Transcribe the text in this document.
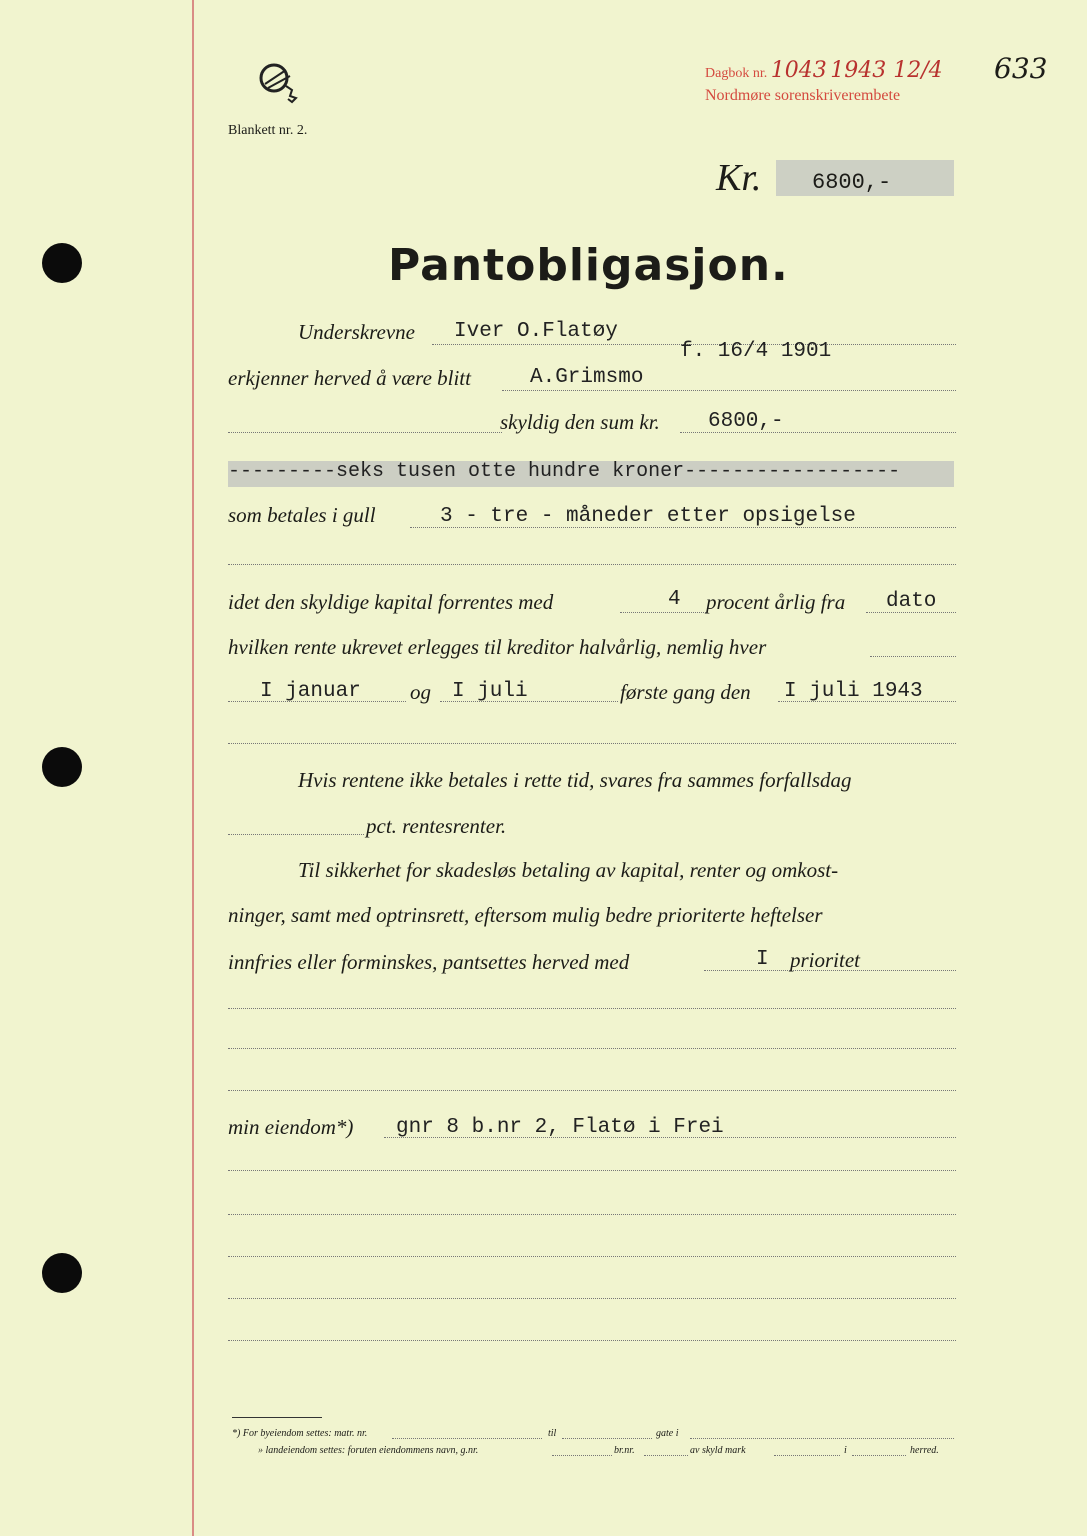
Blankett nr. 2.
Dagbok nr. 1043 1943 12/4
Nordmøre sorenskriverembete
633
Kr. 6800,-
Pantobligasjon.
Underskrevne Iver O.Flatøy
f. 16/4 1901
erkjenner herved å være blitt	A.Grimsmo
skyldig den sum kr. 6800,-
---------seks tusen otte hundre kroner------------------
som betales i gull	3 - tre - måneder etter opsigelse
idet den skyldige kapital forrentes med	4 procent årlig fra dato
hvilken rente ukrevet erlegges til kreditor halvårlig, nemlig hver
I januar og I juli	første gang den I juli 1943
Hvis rentene ikke betales i rette tid, svares fra sammes forfallsdag
pct. rentesrenter.
Til sikkerhet for skadesløs betaling av kapital, renter og omkost-
ninger, samt med optrinsrett, eftersom mulig bedre prioriterte heftelser
innfries eller forminskes, pantsettes herved med	I prioritet
min eiendom*) gnr 8 b.nr 2, Flatø i Frei
*) For byeiendom settes: matr. nr.	til	gate i
» landeiendom settes: foruten eiendommens navn, g.nr.	br.nr.	av skyld mark	i	herred.
